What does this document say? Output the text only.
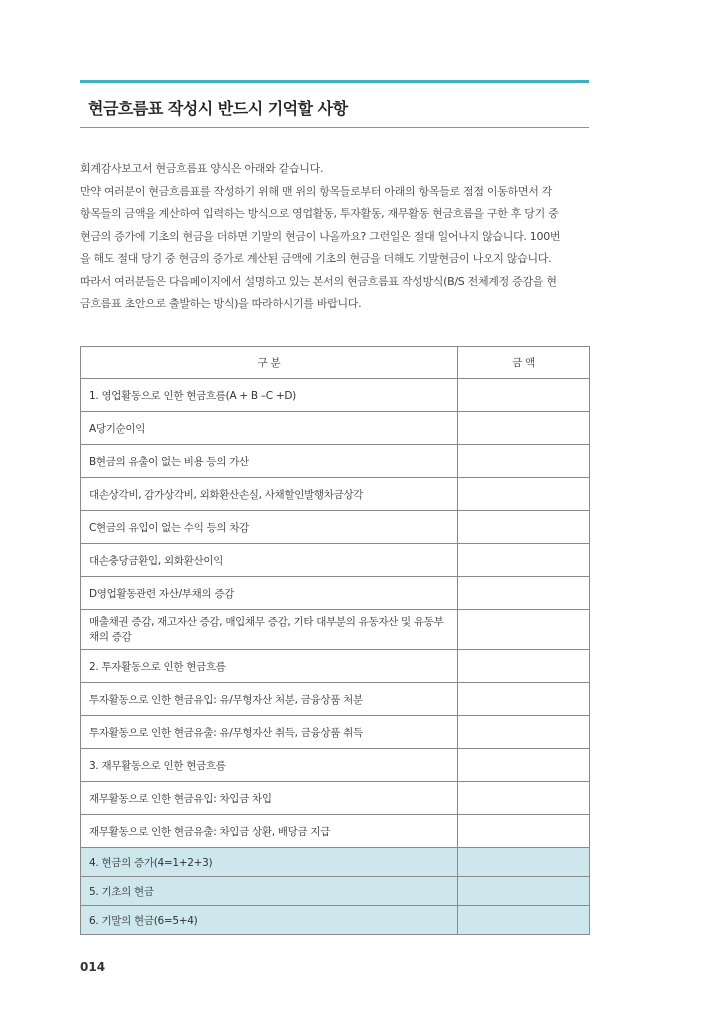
현금흐름표 작성시 반드시 기억할 사항

회계감사보고서 현금흐름표 양식은 아래와 같습니다.

만약 여러분이 현금흐름표를 작성하기 위해 맨 위의 항목들로부터 아래의 항목들로 점점 이동하면서 각

항목들의 금액을 계산하여 입력하는 방식으로 영업활동, 투자활동, 재무활동 현금흐름을 구한 후 당기 중

현금의 증가에 기초의 현금을 더하면 기말의 현금이 나올까요? 그런일은 절대 일어나지 않습니다. 100번

을 해도 절대 당기 중 현금의 증가로 계산된 금액에 기초의 현금을 더해도 기말현금이 나오지 않습니다.

따라서 여러분들은 다음페이지에서 설명하고 있는 본서의 현금흐름표 작성방식(B/S 전체계정 증감을 현

금흐름표 초안으로 출발하는 방식)을 따라하시기를 바랍니다.

구 분	금 액
1. 영업활동으로 인한 현금흐름(A + B –C +D)	
A당기순이익	
B현금의 유출이 없는 비용 등의 가산	
대손상각비, 감가상각비, 외화환산손실, 사채할인발행차금상각	
C현금의 유입이 없는 수익 등의 차감	
대손충당금환입, 외화환산이익	
D영업활동관련 자산/부채의 증감	
매출채권 증감, 재고자산 증감, 매입채무 증감, 기타 대부분의 유동자산 및 유동부채의 증감	
2. 투자활동으로 인한 현금흐름	
투자활동으로 인한 현금유입: 유/무형자산 처분, 금융상품 처분	
투자활동으로 인한 현금유출: 유/무형자산 취득, 금융상품 취득	
3. 재무활동으로 인한 현금흐름	
재무활동으로 인한 현금유입: 차입금 차입	
재무활동으로 인한 현금유출: 차입금 상환, 배당금 지급	
4. 현금의 증가(4=1+2+3)	
5. 기초의 현금	
6. 기말의 현금(6=5+4)	
014
